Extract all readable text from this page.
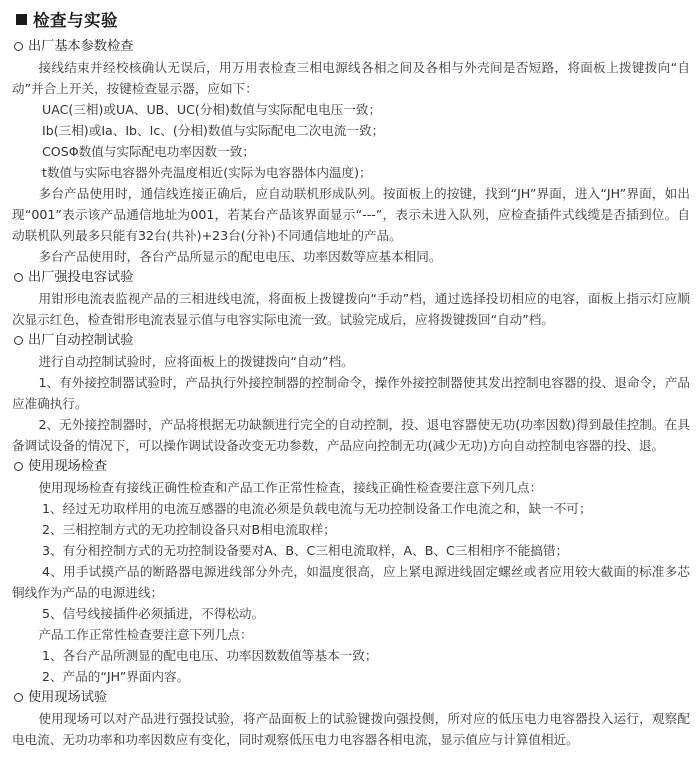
检查与实验
出厂基本参数检查
接线结束并经校核确认无误后，用万用表检查三相电源线各相之间及各相与外壳间是否短路，将面板上拨键拨向“自动”并合上开关，按键检查显示器，应如下：
UAC(三相)或UA、UB、UC(分相)数值与实际配电电压一致；
Ib(三相)或Ia、Ib、Ic、(分相)数值与实际配电二次电流一致；
COSΦ数值与实际配电功率因数一致；
t数值与实际电容器外壳温度相近(实际为电容器体内温度)；
多台产品使用时，通信线连接正确后，应自动联机形成队列。按面板上的按键，找到“JH”界面，进入“JH”界面，如出现“001”表示该产品通信地址为001，若某台产品该界面显示“---”，表示未进入队列，应检查插件式线缆是否插到位。自动联机队列最多只能有32台(共补)+23台(分补)不同通信地址的产品。
多台产品使用时，各台产品所显示的配电电压、功率因数等应基本相同。
出厂强投电容试验
用钳形电流表监视产品的三相进线电流，将面板上拨键拨向“手动”档，通过选择投切相应的电容，面板上指示灯应顺次显示红色，检查钳形电流表显示值与电容实际电流一致。试验完成后，应将拨键拨回“自动”档。
出厂自动控制试验
进行自动控制试验时，应将面板上的拨键拨向“自动”档。
1、有外接控制器试验时，产品执行外接控制器的控制命令，操作外接控制器使其发出控制电容器的投、退命令，产品应准确执行。
2、无外接控制器时，产品将根据无功缺额进行完全的自动控制，投、退电容器使无功(功率因数)得到最佳控制。在具备调试设备的情况下，可以操作调试设备改变无功参数，产品应向控制无功(减少无功)方向自动控制电容器的投、退。
使用现场检查
使用现场检查有接线正确性检查和产品工作正常性检查，接线正确性检查要注意下列几点：
1、经过无功取样用的电流互感器的电流必须是负载电流与无功控制设备工作电流之和，缺一不可；
2、三相控制方式的无功控制设备只对B相电流取样；
3、有分相控制方式的无功控制设备要对A、B、C三相电流取样，A、B、C三相相序不能搞错；
4、用手试摸产品的断路器电源进线部分外壳，如温度很高，应上紧电源进线固定螺丝或者应用较大截面的标准多芯铜线作为产品的电源进线；
5、信号线接插件必须插进，不得松动。
产品工作正常性检查要注意下列几点：
1、各台产品所测显的配电电压、功率因数数值等基本一致；
2、产品的“JH”界面内容。
使用现场试验
使用现场可以对产品进行强投试验，将产品面板上的试验键拨向强投侧，所对应的低压电力电容器投入运行，观察配电电流、无功功率和功率因数应有变化，同时观察低压电力电容器各相电流，显示值应与计算值相近。
